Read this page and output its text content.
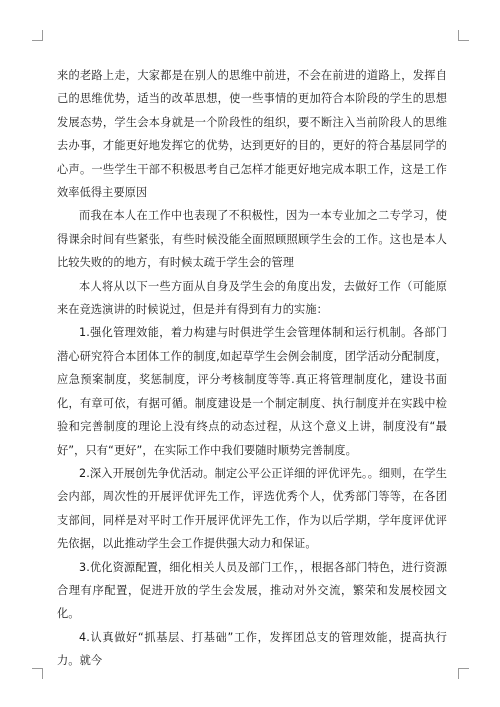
来的老路上走，大家都是在别人的思维中前进，不会在前进的道路上，发挥自己的思维优势，适当的改革思想，使一些事情的更加符合本阶段的学生的思想发展态势，学生会本身就是一个阶段性的组织，要不断注入当前阶段人的思维去办事，才能更好地发挥它的优势，达到更好的目的，更好的符合基层同学的心声。一些学生干部不积极思考自己怎样才能更好地完成本职工作，这是工作效率低得主要原因

而我在本人在工作中也表现了不积极性，因为一本专业加之二专学习，使得课余时间有些紧张，有些时候没能全面照顾照顾学生会的工作。这也是本人比较失败的的地方，有时候太疏于学生会的管理

本人将从以下一些方面从自身及学生会的角度出发，去做好工作（可能原来在竞选演讲的时候说过，但是并有得到有力的实施：

1.强化管理效能，着力构建与时俱进学生会管理体制和运行机制。各部门潜心研究符合本团体工作的制度,如起草学生会例会制度，团学活动分配制度，应急预案制度，奖惩制度，评分考核制度等等.真正将管理制度化，建设书面化，有章可依，有据可循。制度建设是一个制定制度、执行制度并在实践中检验和完善制度的理论上没有终点的动态过程，从这个意义上讲，制度没有“最好”，只有“更好”，在实际工作中我们要随时顺势完善制度。

2.深入开展创先争优活动。制定公平公正详细的评优评先。。细则，在学生会内部，周次性的开展评优评先工作，评选优秀个人，优秀部门等等，在各团支部间，同样是对平时工作开展评优评先工作，作为以后学期，学年度评优评先依据，以此推动学生会工作提供强大动力和保证。

3.优化资源配置，细化相关人员及部门工作，，根据各部门特色，进行资源合理有序配置，促进开放的学生会发展，推动对外交流，繁荣和发展校园文化。

4.认真做好“抓基层、打基础”工作，发挥团总支的管理效能，提高执行力。就今
